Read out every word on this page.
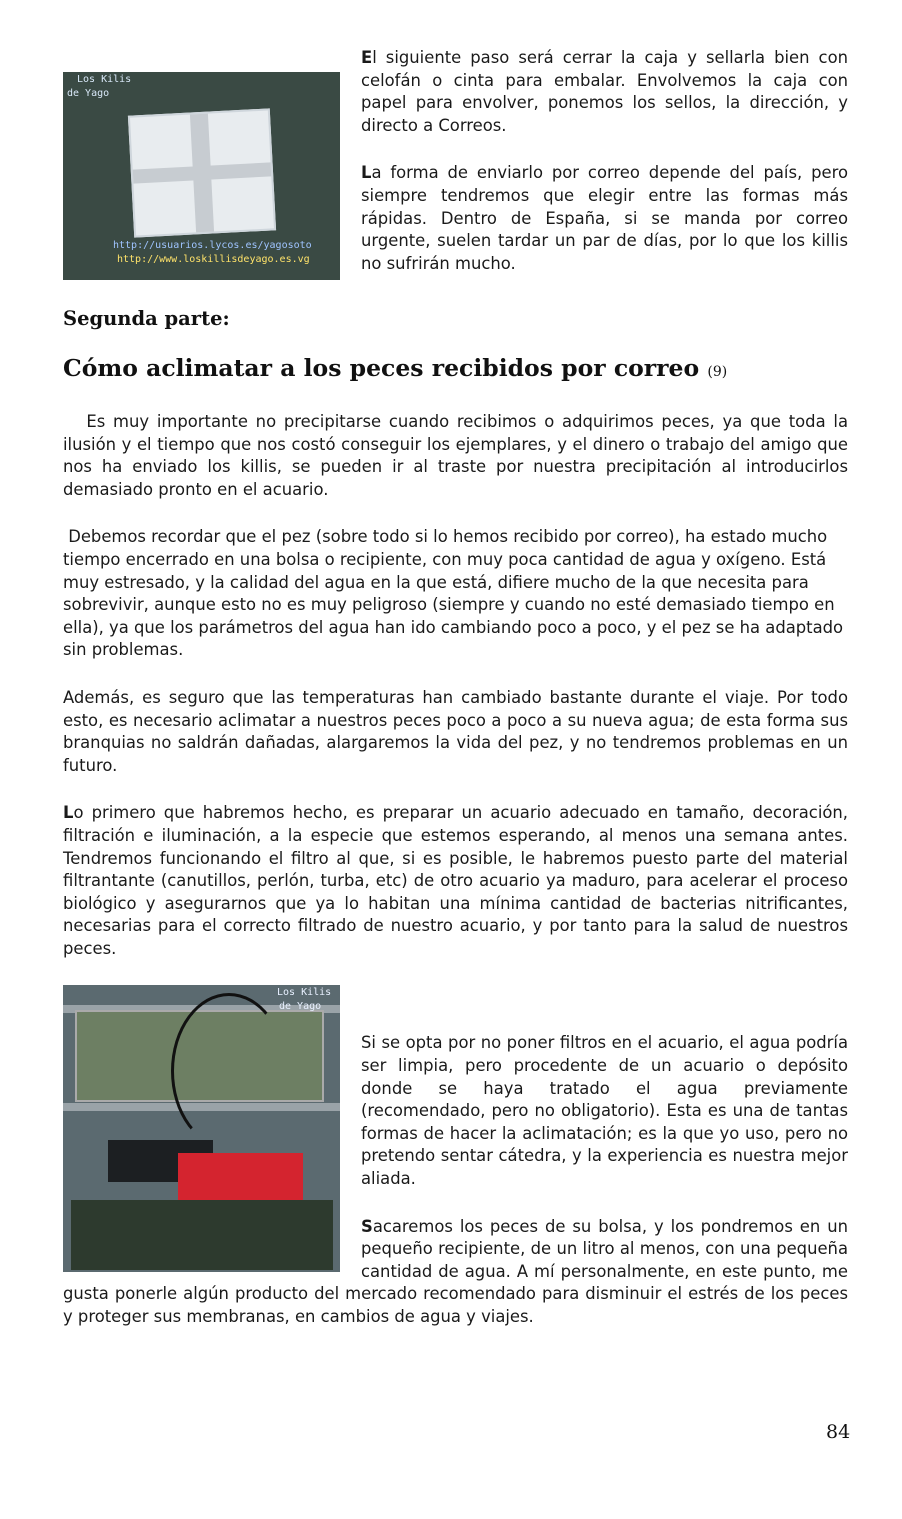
Los Kilis
de Yago
http://usuarios.lycos.es/yagosoto
http://www.loskillisdeyago.es.vg

El siguiente paso será cerrar la caja y sellarla bien con celofán o cinta para embalar. Envolvemos la caja con papel para envolver, ponemos los sellos, la dirección, y directo a Correos.

La forma de enviarlo por correo depende del país, pero siempre tendremos que elegir entre las formas más rápidas. Dentro de España, si se manda por correo urgente, suelen tardar un par de días, por lo que los killis no sufrirán mucho.

Segunda parte:
Cómo aclimatar a los peces recibidos por correo (9)

Es muy importante no precipitarse cuando recibimos o adquirimos peces, ya que toda la ilusión y el tiempo que nos costó conseguir los ejemplares, y el dinero o trabajo del amigo que nos ha enviado los killis, se pueden ir al traste por nuestra precipitación al introducirlos demasiado pronto en el acuario.

Debemos recordar que el pez (sobre todo si lo hemos recibido por correo), ha estado mucho tiempo encerrado en una bolsa o recipiente, con muy poca cantidad de agua y oxígeno. Está muy estresado, y la calidad del agua en la que está, difiere mucho de la que necesita para sobrevivir, aunque esto no es muy peligroso (siempre y cuando no esté demasiado tiempo en ella), ya que los parámetros del agua han ido cambiando poco a poco, y el pez se ha adaptado sin problemas.

Además, es seguro que las temperaturas han cambiado bastante durante el viaje. Por todo esto, es necesario aclimatar a nuestros peces poco a poco a su nueva agua; de esta forma sus branquias no saldrán dañadas, alargaremos la vida del pez, y no tendremos problemas en un futuro.

Lo primero que habremos hecho, es preparar un acuario adecuado en tamaño, decoración, filtración e iluminación, a la especie que estemos esperando, al menos una semana antes. Tendremos funcionando el filtro al que, si es posible, le habremos puesto parte del material filtrantante (canutillos, perlón, turba, etc) de otro acuario ya maduro, para acelerar el proceso biológico y asegurarnos que ya lo habitan una mínima cantidad de bacterias nitrificantes, necesarias para el correcto filtrado de nuestro acuario, y por tanto para la salud de nuestros peces.

Los Kilis
de Yago

Si se opta por no poner filtros en el acuario, el agua podría ser limpia, pero procedente de un acuario o depósito donde se haya tratado el agua previamente (recomendado, pero no obligatorio). Esta es una de tantas formas de hacer la aclimatación; es la que yo uso, pero no pretendo sentar cátedra, y la experiencia es nuestra mejor aliada.

Sacaremos los peces de su bolsa, y los pondremos en un pequeño recipiente, de un litro al menos, con una pequeña cantidad de agua. A mí personalmente, en este punto, me gusta ponerle algún producto del mercado recomendado para disminuir el estrés de los peces y proteger sus membranas, en cambios de agua y viajes.

84
